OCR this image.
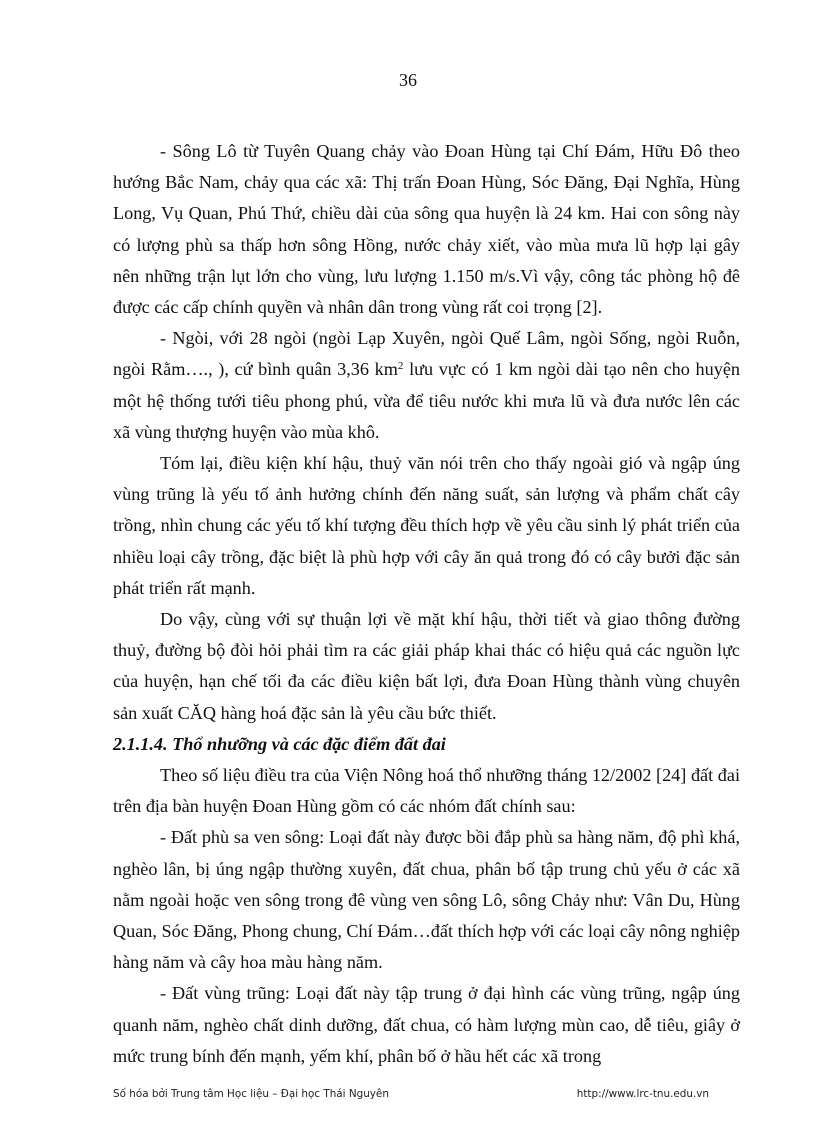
36

- Sông Lô từ Tuyên Quang chảy vào Đoan Hùng tại Chí Đám, Hữu Đô theo hướng Bắc Nam, chảy qua các xã: Thị trấn Đoan Hùng, Sóc Đăng, Đại Nghĩa, Hùng Long, Vụ Quan, Phú Thứ, chiều dài của sông qua huyện là 24 km. Hai con sông này có lượng phù sa thấp hơn sông Hồng, nước chảy xiết, vào mùa mưa lũ hợp lại gây nên những trận lụt lớn cho vùng, lưu lượng 1.150 m/s.Vì vậy, công tác phòng hộ đê được các cấp chính quyền và nhân dân trong vùng rất coi trọng [2].

- Ngòi, với 28 ngòi (ngòi Lạp Xuyên, ngòi Quế Lâm, ngòi Sống, ngòi Ruỗn, ngòi Rằm…., ), cứ bình quân 3,36 $km^2$ lưu vực có 1 km ngòi dài tạo nên cho huyện một hệ thống tưới tiêu phong phú, vừa để tiêu nước khi mưa lũ và đưa nước lên các xã vùng thượng huyện vào mùa khô.

Tóm lại, điều kiện khí hậu, thuỷ văn nói trên cho thấy ngoài gió và ngập úng vùng trũng là yếu tố ảnh hưởng chính đến năng suất, sản lượng và phẩm chất cây trồng, nhìn chung các yếu tố khí tượng đều thích hợp về yêu cầu sinh lý phát triển của nhiều loại cây trồng, đặc biệt là phù hợp với cây ăn quả trong đó có cây bưởi đặc sản phát triển rất mạnh.

Do vậy, cùng với sự thuận lợi về mặt khí hậu, thời tiết và giao thông đường thuỷ, đường bộ đòi hỏi phải tìm ra các giải pháp khai thác có hiệu quả các nguồn lực của huyện, hạn chế tối đa các điều kiện bất lợi, đưa Đoan Hùng thành vùng chuyên sản xuất CĂQ hàng hoá đặc sản là yêu cầu bức thiết.

2.1.1.4. Thổ nhưỡng và các đặc điểm đất đai

Theo số liệu điều tra của Viện Nông hoá thổ nhưỡng tháng 12/2002 [24] đất đai trên địa bàn huyện Đoan Hùng gồm có các nhóm đất chính sau:

- Đất phù sa ven sông: Loại đất này được bồi đắp phù sa hàng năm, độ phì khá, nghèo lân, bị úng ngập thường xuyên, đất chua, phân bố tập trung chủ yếu ở các xã nằm ngoài hoặc ven sông trong đê vùng ven sông Lô, sông Chảy như: Vân Du, Hùng Quan, Sóc Đăng, Phong chung, Chí Đám…đất thích hợp với các loại cây nông nghiệp hàng năm và cây hoa màu hàng năm.

- Đất vùng trũng: Loại đất này tập trung ở đại hình các vùng trũng, ngập úng quanh năm, nghèo chất dinh dưỡng, đất chua, có hàm lượng mùn cao, dễ tiêu, giây ở mức trung bính đến mạnh, yếm khí, phân bố ở hầu hết các xã trong

Số hóa bởi Trung tâm Học liệu – Đại học Thái Nguyên	http://www.lrc-tnu.edu.vn
